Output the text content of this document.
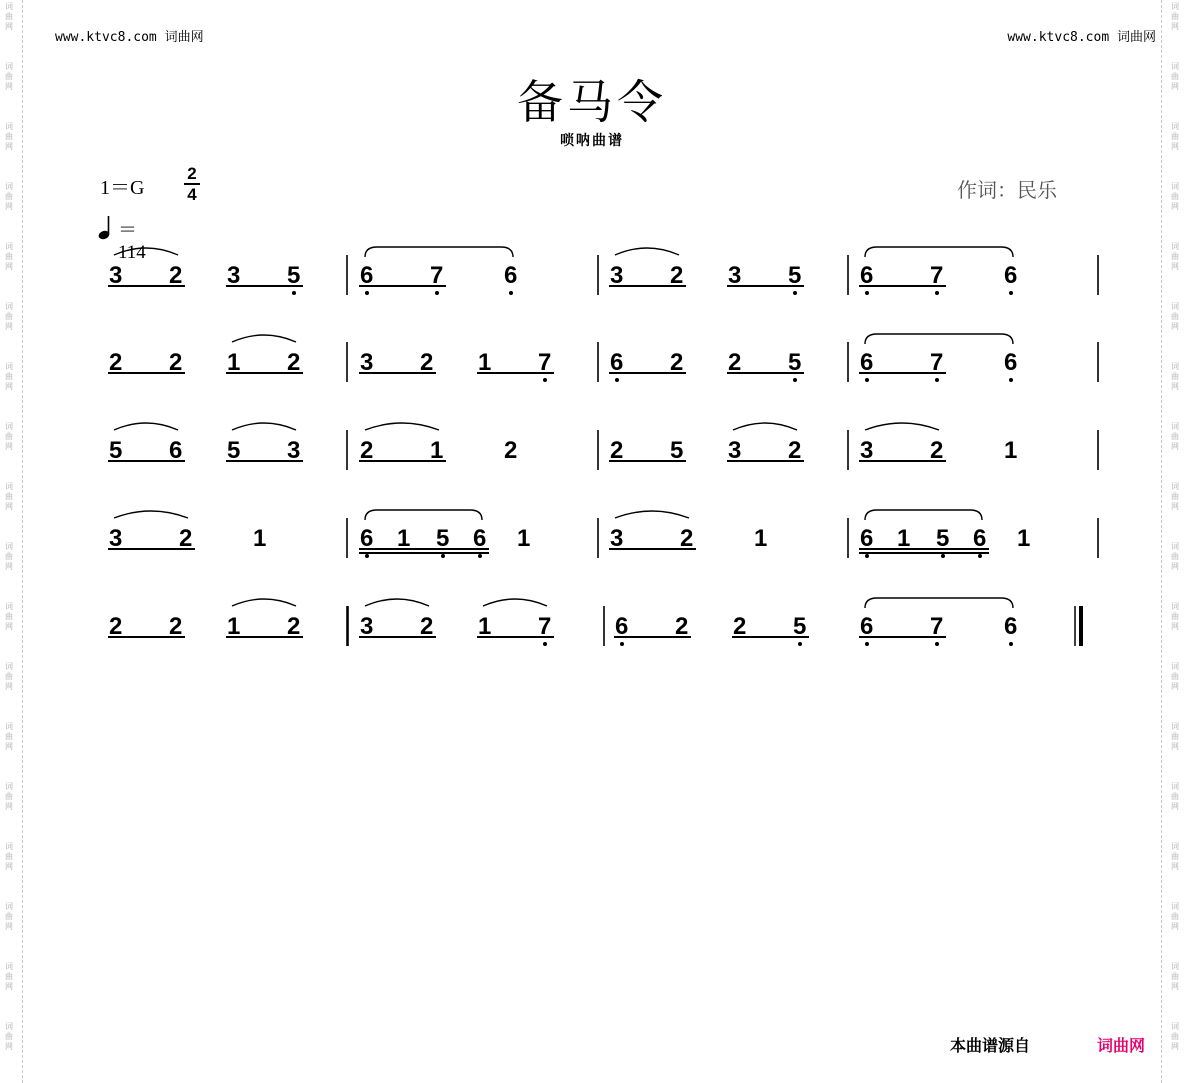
词
曲
网
词
曲
网
词
曲
网
词
曲
网
词
曲
网
词
曲
网
词
曲
网
词
曲
网
词
曲
网
词
曲
网
词
曲
网
词
曲
网
词
曲
网
词
曲
网
词
曲
网
词
曲
网
词
曲
网
词
曲
网
词
曲
网
词
曲
网
词
曲
网
词
曲
网
词
曲
网
词
曲
网
词
曲
网
词
曲
网
词
曲
网
词
曲
网
词
曲
网
词
曲
网
词
曲
网
词
曲
网
词
曲
网
词
曲
网
词
曲
网
词
曲
网
www.ktvc8.com 词曲网	www.ktvc8.com 词曲网
备马令
唢呐曲谱
1＝G
2
4
＝114
作词：民乐
3 2 3 5 6 7	6	3 2 3 5 6 7	6
2 2 1 2 3 2 1 7 6 2 2 5 6 7	6
5 6 5 3 2 1	2	2 5 3 2 3 2	1
3 2	1	6 1 5 6 1	3 2	1	6 1 5 6 1
2 2 1 2 3 2 1 7	6 2 2 5 6 7	6
本曲谱源自	词曲网
